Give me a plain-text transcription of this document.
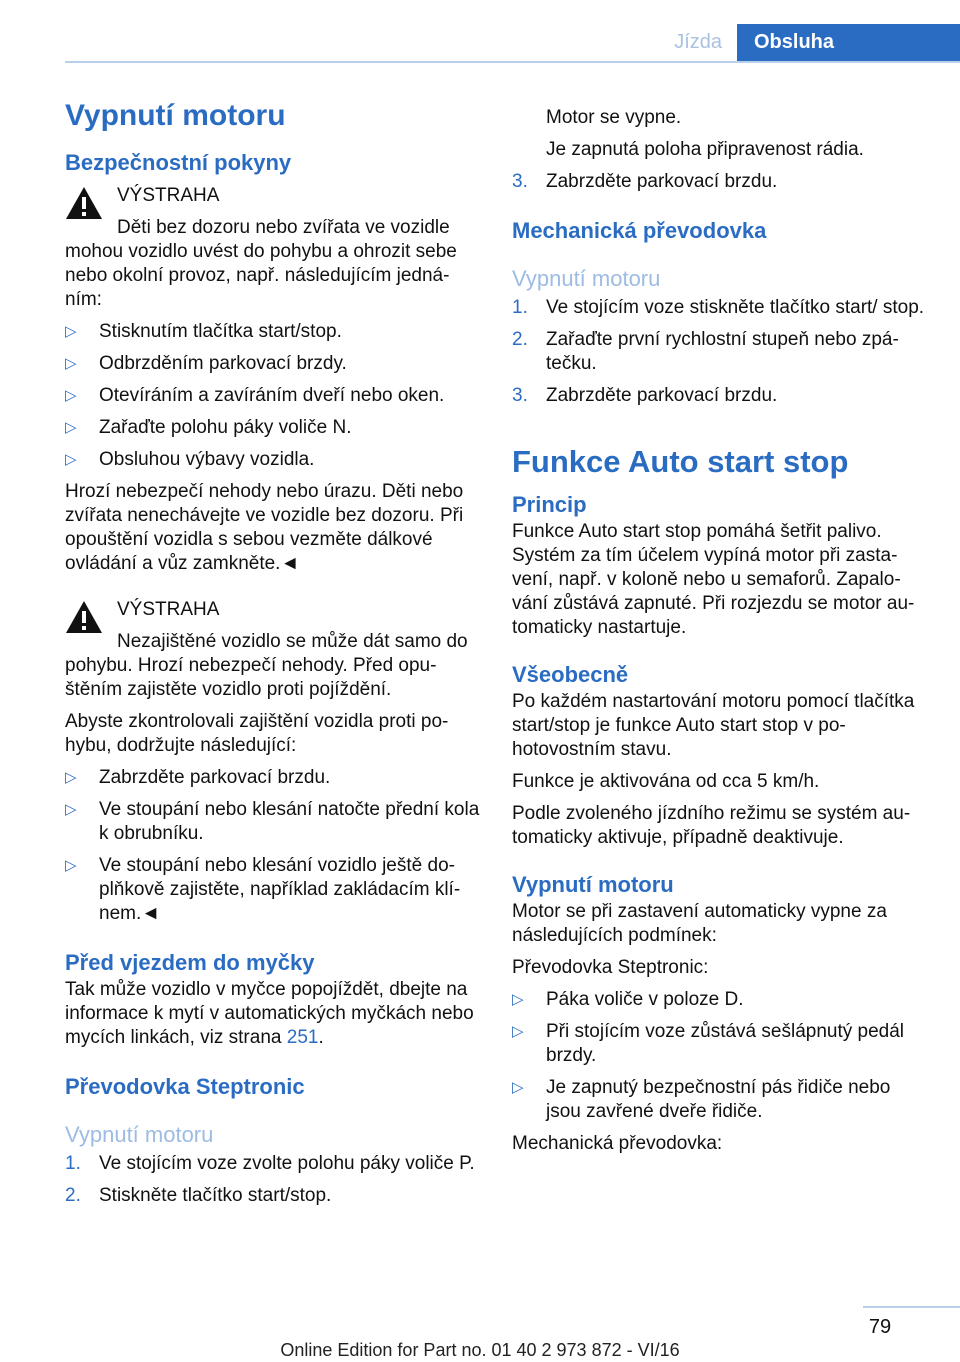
Jízda	Obsluha
Vypnutí motoru
Bezpečnostní pokyny

VÝSTRAHA

Děti bez dozoru nebo zvířata ve vozidle mohou vozidlo uvést do pohybu a ohrozit sebe nebo okolní provoz, např. následujícím jednáním:

▷ Stisknutím tlačítka start/stop.
▷ Odbrzděním parkovací brzdy.
▷ Otevíráním a zavíráním dveří nebo oken.
▷ Zařaďte polohu páky voliče N.
▷ Obsluhou výbavy vozidla.

Hrozí nebezpečí nehody nebo úrazu. Děti nebo zvířata nenechávejte ve vozidle bez dozoru. Při opouštění vozidla s sebou vezměte dálkové ovládání a vůz zamkněte.◄

VÝSTRAHA

Nezajištěné vozidlo se může dát samo do pohybu. Hrozí nebezpečí nehody. Před opuštěním zajistěte vozidlo proti pojíždění.

Abyste zkontrolovali zajištění vozidla proti pohybu, dodržujte následující:

▷ Zabrzděte parkovací brzdu.
▷ Ve stoupání nebo klesání natočte přední kola k obrubníku.
▷ Ve stoupání nebo klesání vozidlo ještě doplňkově zajistěte, například zakládacím klínem.◄
Před vjezdem do myčky

Tak může vozidlo v myčce popojíždět, dbejte na informace k mytí v automatických myčkách nebo mycích linkách, viz strana 251.

Převodovka Steptronic
Vypnutí motoru
1. Ve stojícím voze zvolte polohu páky voliče P.
2. Stiskněte tlačítko start/stop.

Motor se vypne.

Je zapnutá poloha připravenost rádia.

3. Zabrzděte parkovací brzdu.
Mechanická převodovka
Vypnutí motoru
1. Ve stojícím voze stiskněte tlačítko start/ stop.
2. Zařaďte první rychlostní stupeň nebo zpátečku.
3. Zabrzděte parkovací brzdu.
Funkce Auto start stop
Princip

Funkce Auto start stop pomáhá šetřit palivo. Systém za tím účelem vypíná motor při zastavení, např. v koloně nebo u semaforů. Zapalování zůstává zapnuté. Při rozjezdu se motor automaticky nastartuje.

Všeobecně

Po každém nastartování motoru pomocí tlačítka start/stop je funkce Auto start stop v pohotovostním stavu.

Funkce je aktivována od cca 5 km/h.

Podle zvoleného jízdního režimu se systém automaticky aktivuje, případně deaktivuje.

Vypnutí motoru

Motor se při zastavení automaticky vypne za následujících podmínek:

Převodovka Steptronic:

▷ Páka voliče v poloze D.
▷ Při stojícím voze zůstává sešlápnutý pedál brzdy.
▷ Je zapnutý bezpečnostní pás řidiče nebo jsou zavřené dveře řidiče.

Mechanická převodovka:

79
Online Edition for Part no. 01 40 2 973 872 - VI/16
